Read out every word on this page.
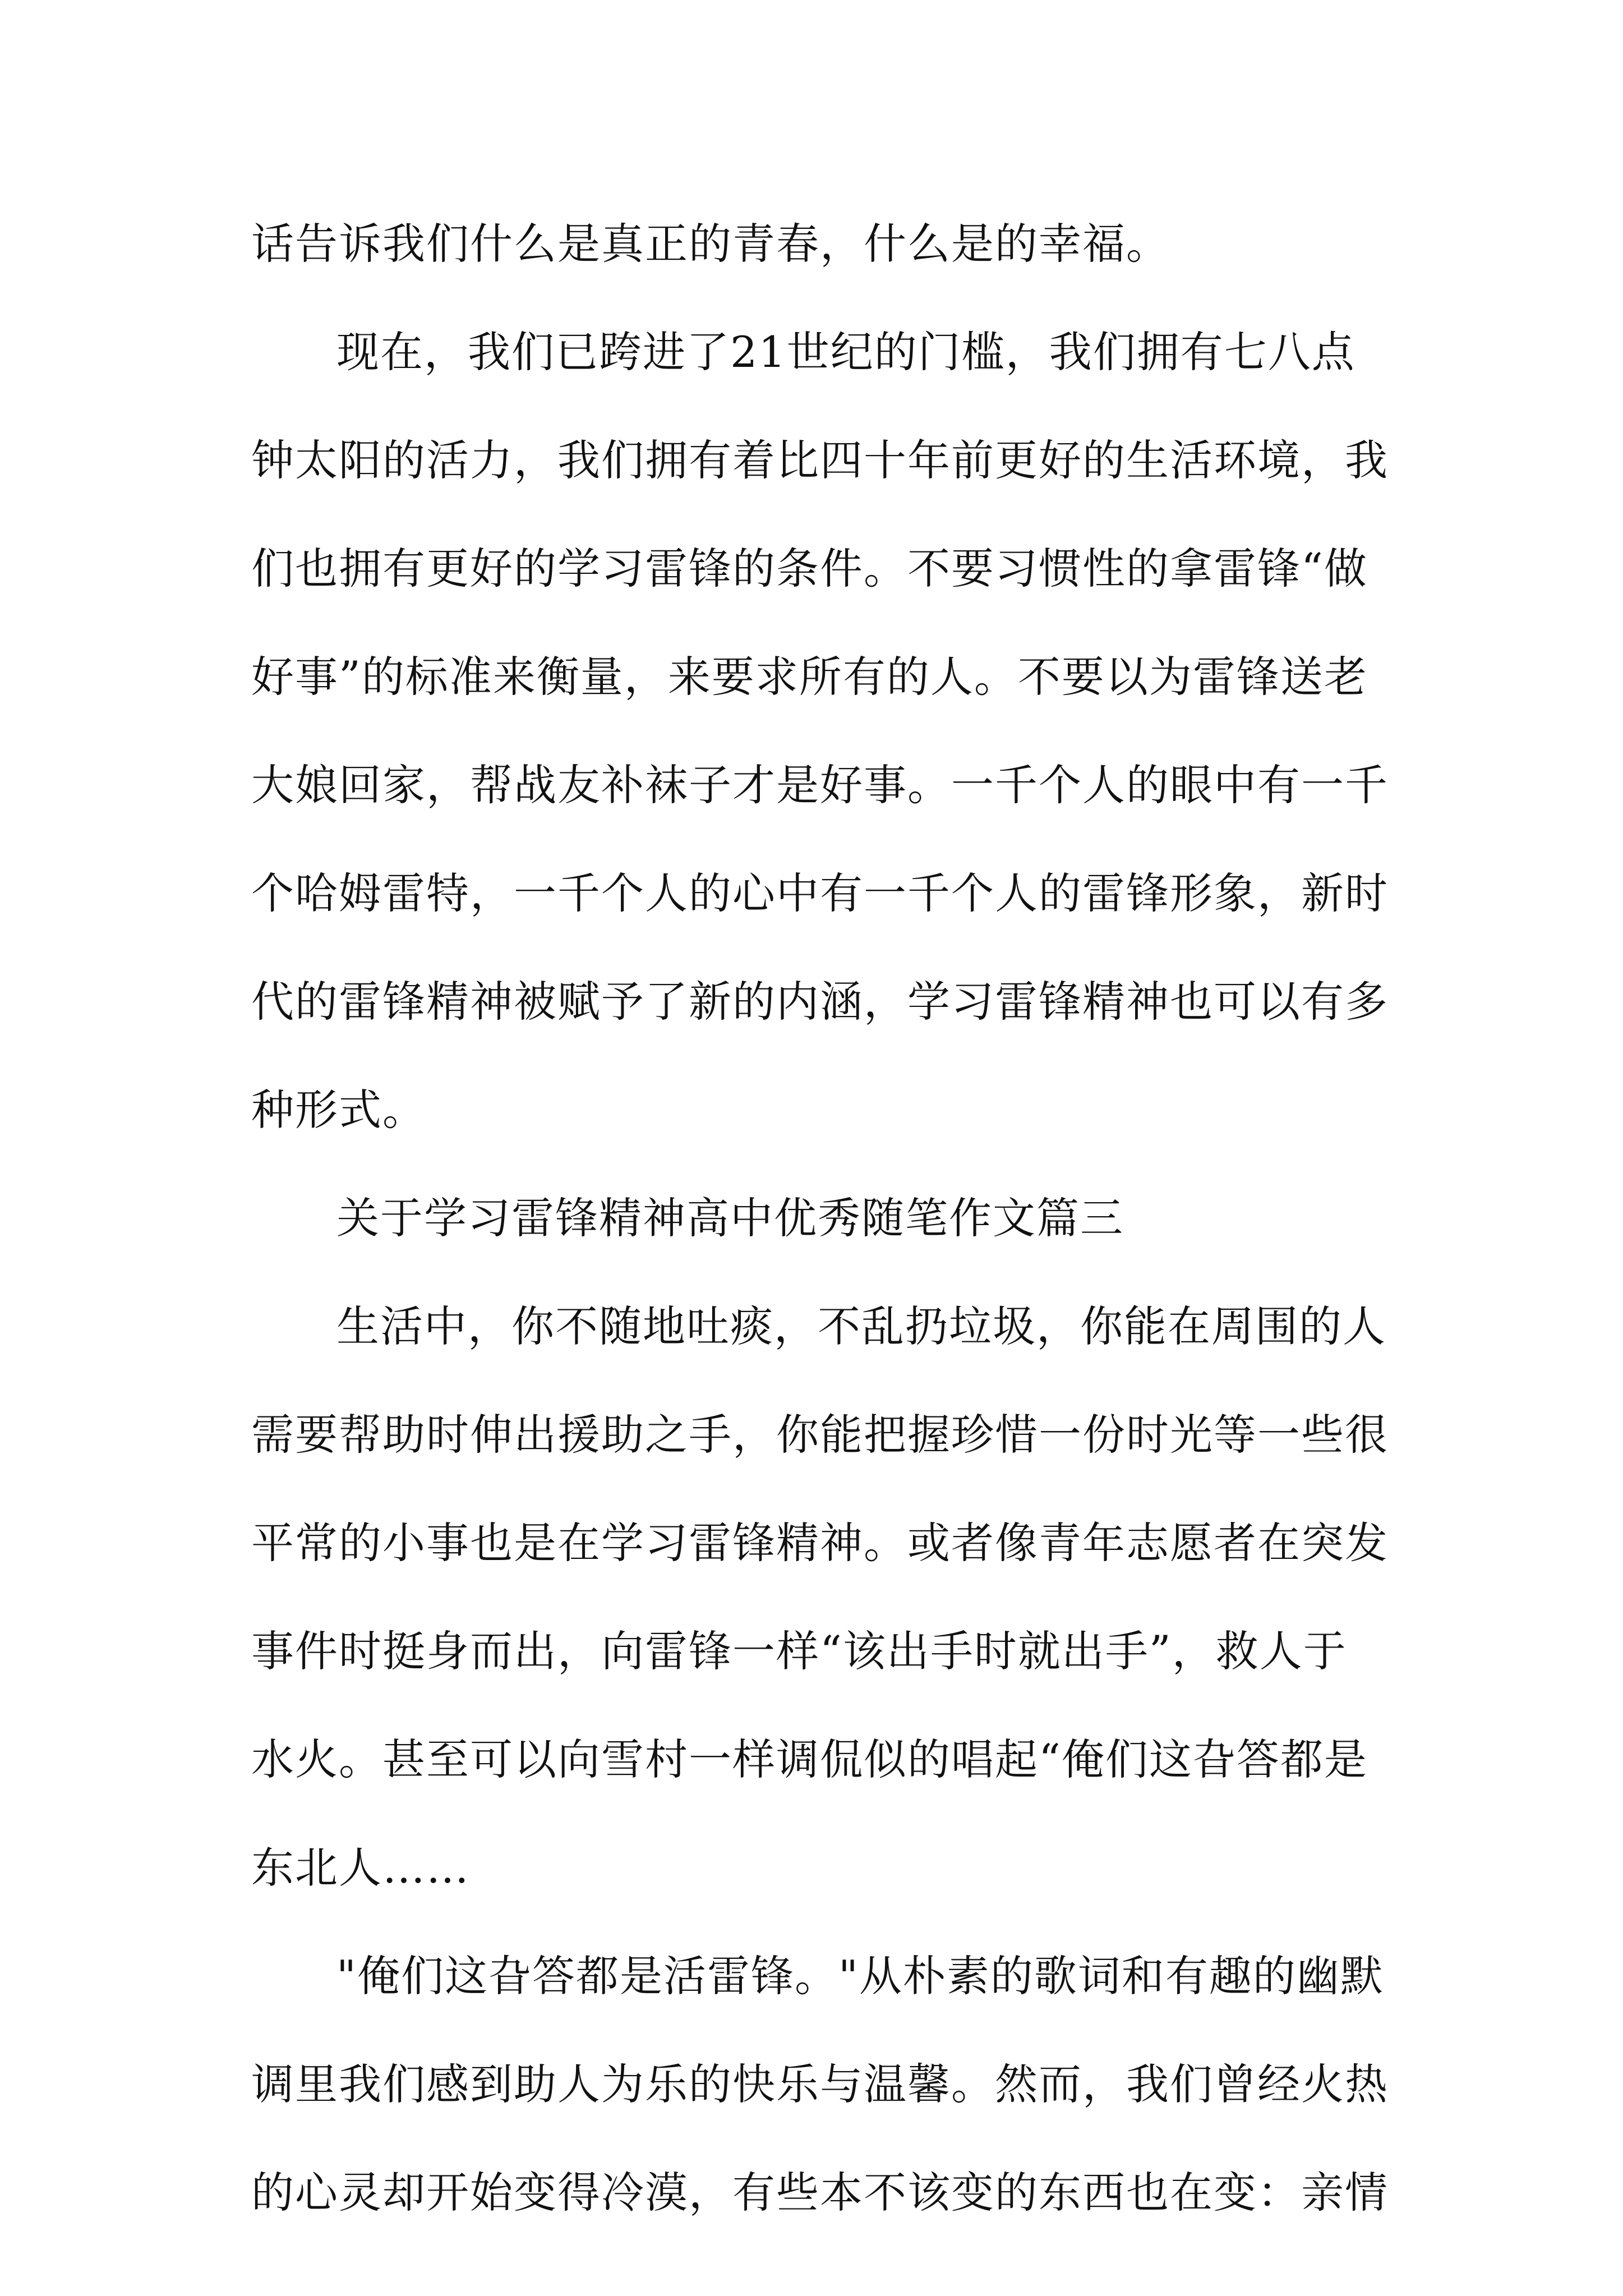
话告诉我们什么是真正的青春，什么是的幸福。
现在，我们已跨进了21世纪的门槛，我们拥有七八点
钟太阳的活力，我们拥有着比四十年前更好的生活环境，我
们也拥有更好的学习雷锋的条件。不要习惯性的拿雷锋“做
好事”的标准来衡量，来要求所有的人。不要以为雷锋送老
大娘回家，帮战友补袜子才是好事。一千个人的眼中有一千
个哈姆雷特，一千个人的心中有一千个人的雷锋形象，新时
代的雷锋精神被赋予了新的内涵，学习雷锋精神也可以有多
种形式。
关于学习雷锋精神高中优秀随笔作文篇三
生活中，你不随地吐痰，不乱扔垃圾，你能在周围的人
需要帮助时伸出援助之手，你能把握珍惜一份时光等一些很
平常的小事也是在学习雷锋精神。或者像青年志愿者在突发
事件时挺身而出，向雷锋一样“该出手时就出手”，救人于
水火。甚至可以向雪村一样调侃似的唱起“俺们这旮答都是
东北人……
"俺们这旮答都是活雷锋。"从朴素的歌词和有趣的幽默
调里我们感到助人为乐的快乐与温馨。然而，我们曾经火热
的心灵却开始变得冷漠，有些本不该变的东西也在变：亲情
